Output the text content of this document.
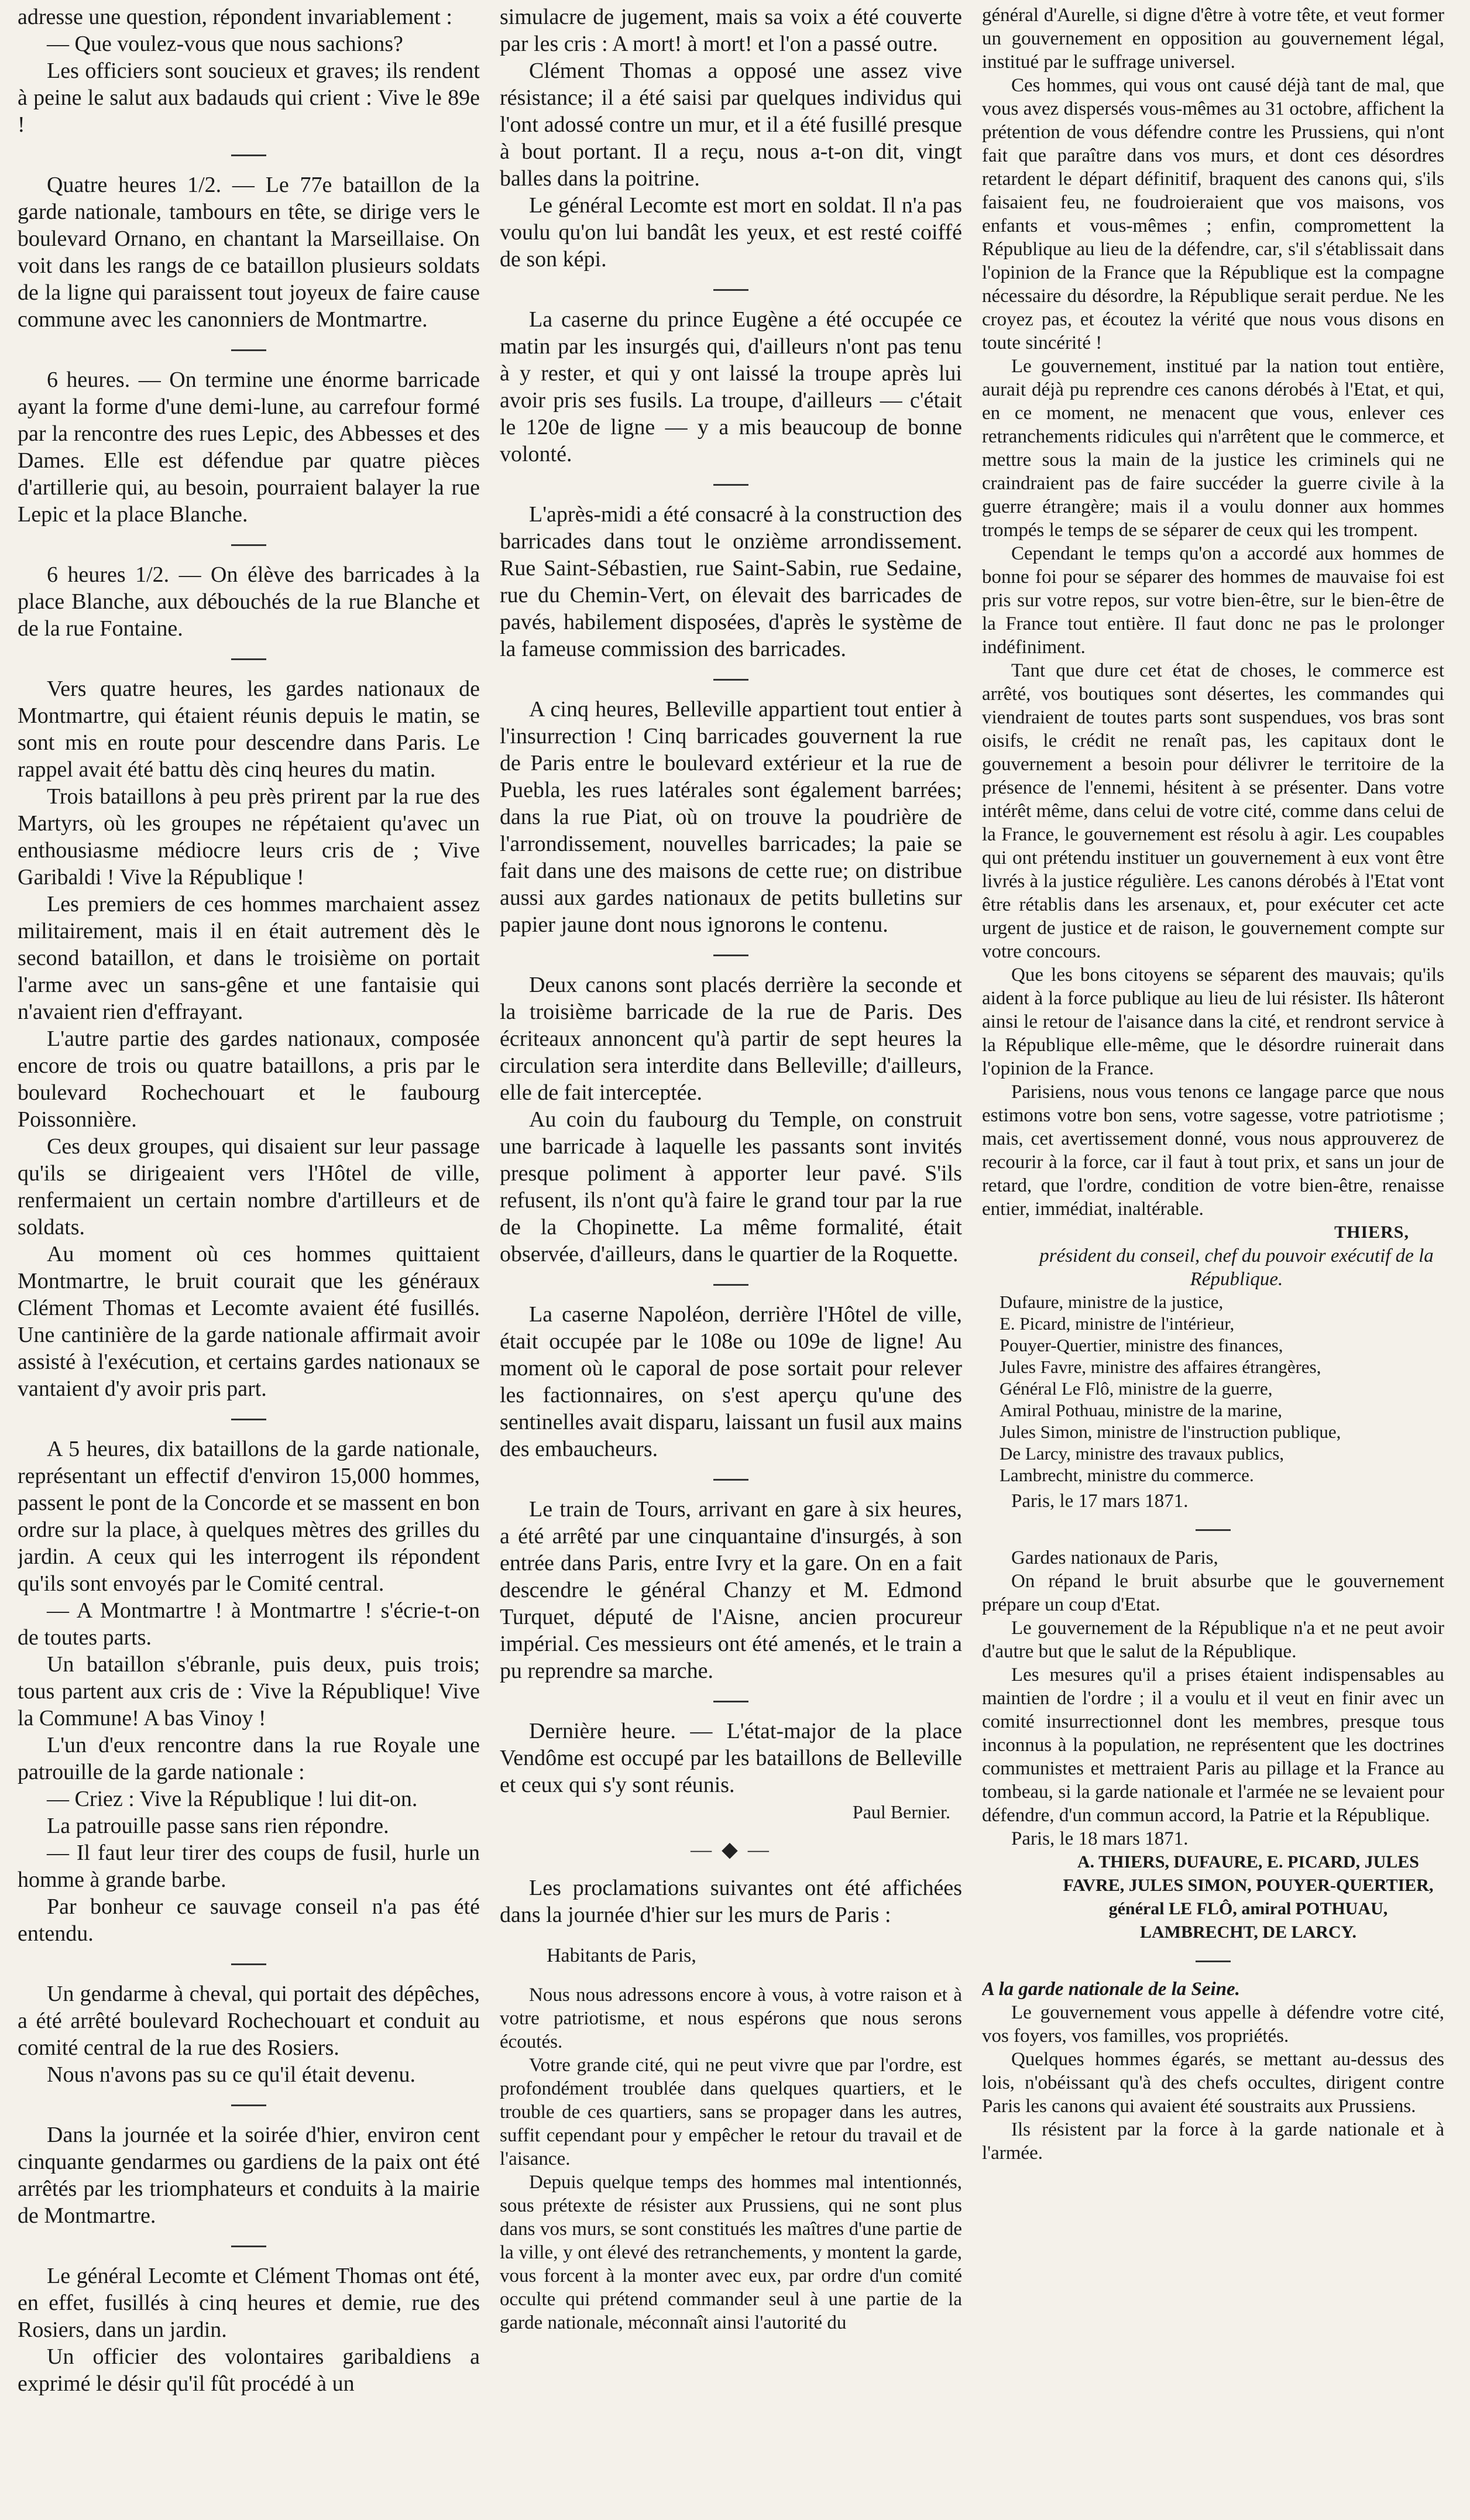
adresse une question, répondent invariablement :

— Que voulez-vous que nous sachions?

Les officiers sont soucieux et graves; ils rendent à peine le salut aux badauds qui crient : Vive le 89e !

Quatre heures 1/2. — Le 77e bataillon de la garde nationale, tambours en tête, se dirige vers le boulevard Ornano, en chantant la Marseillaise. On voit dans les rangs de ce bataillon plusieurs soldats de la ligne qui paraissent tout joyeux de faire cause commune avec les canonniers de Montmartre.

6 heures. — On termine une énorme barricade ayant la forme d'une demi-lune, au carrefour formé par la rencontre des rues Lepic, des Abbesses et des Dames. Elle est défendue par quatre pièces d'artillerie qui, au besoin, pourraient balayer la rue Lepic et la place Blanche.

6 heures 1/2. — On élève des barricades à la place Blanche, aux débouchés de la rue Blanche et de la rue Fontaine.

Vers quatre heures, les gardes nationaux de Montmartre, qui étaient réunis depuis le matin, se sont mis en route pour descendre dans Paris. Le rappel avait été battu dès cinq heures du matin.

Trois bataillons à peu près prirent par la rue des Martyrs, où les groupes ne répétaient qu'avec un enthousiasme médiocre leurs cris de ; Vive Garibaldi ! Vive la République !

Les premiers de ces hommes marchaient assez militairement, mais il en était autrement dès le second bataillon, et dans le troisième on portait l'arme avec un sans-gêne et une fantaisie qui n'avaient rien d'effrayant.

L'autre partie des gardes nationaux, composée encore de trois ou quatre bataillons, a pris par le boulevard Rochechouart et le faubourg Poissonnière.

Ces deux groupes, qui disaient sur leur passage qu'ils se dirigeaient vers l'Hôtel de ville, renfermaient un certain nombre d'artilleurs et de soldats.

Au moment où ces hommes quittaient Montmartre, le bruit courait que les généraux Clément Thomas et Lecomte avaient été fusillés. Une cantinière de la garde nationale affirmait avoir assisté à l'exécution, et certains gardes nationaux se vantaient d'y avoir pris part.

A 5 heures, dix bataillons de la garde nationale, représentant un effectif d'environ 15,000 hommes, passent le pont de la Concorde et se massent en bon ordre sur la place, à quelques mètres des grilles du jardin. A ceux qui les interrogent ils répondent qu'ils sont envoyés par le Comité central.

— A Montmartre ! à Montmartre ! s'écrie-t-on de toutes parts.

Un bataillon s'ébranle, puis deux, puis trois; tous partent aux cris de : Vive la République! Vive la Commune! A bas Vinoy !

L'un d'eux rencontre dans la rue Royale une patrouille de la garde nationale :

— Criez : Vive la République ! lui dit-on.

La patrouille passe sans rien répondre.

— Il faut leur tirer des coups de fusil, hurle un homme à grande barbe.

Par bonheur ce sauvage conseil n'a pas été entendu.

Un gendarme à cheval, qui portait des dépêches, a été arrêté boulevard Rochechouart et conduit au comité central de la rue des Rosiers.

Nous n'avons pas su ce qu'il était devenu.

Dans la journée et la soirée d'hier, environ cent cinquante gendarmes ou gardiens de la paix ont été arrêtés par les triomphateurs et conduits à la mairie de Montmartre.

Le général Lecomte et Clément Thomas ont été, en effet, fusillés à cinq heures et demie, rue des Rosiers, dans un jardin.

Un officier des volontaires garibaldiens a exprimé le désir qu'il fût procédé à un

simulacre de jugement, mais sa voix a été couverte par les cris : A mort! à mort! et l'on a passé outre.

Clément Thomas a opposé une assez vive résistance; il a été saisi par quelques individus qui l'ont adossé contre un mur, et il a été fusillé presque à bout portant. Il a reçu, nous a-t-on dit, vingt balles dans la poitrine.

Le général Lecomte est mort en soldat. Il n'a pas voulu qu'on lui bandât les yeux, et est resté coiffé de son képi.

La caserne du prince Eugène a été occupée ce matin par les insurgés qui, d'ailleurs n'ont pas tenu à y rester, et qui y ont laissé la troupe après lui avoir pris ses fusils. La troupe, d'ailleurs — c'était le 120e de ligne — y a mis beaucoup de bonne volonté.

L'après-midi a été consacré à la construction des barricades dans tout le onzième arrondissement. Rue Saint-Sébastien, rue Saint-Sabin, rue Sedaine, rue du Chemin-Vert, on élevait des barricades de pavés, habilement disposées, d'après le système de la fameuse commission des barricades.

A cinq heures, Belleville appartient tout entier à l'insurrection ! Cinq barricades gouvernent la rue de Paris entre le boulevard extérieur et la rue de Puebla, les rues latérales sont également barrées; dans la rue Piat, où on trouve la poudrière de l'arrondissement, nouvelles barricades; la paie se fait dans une des maisons de cette rue; on distribue aussi aux gardes nationaux de petits bulletins sur papier jaune dont nous ignorons le contenu.

Deux canons sont placés derrière la seconde et la troisième barricade de la rue de Paris. Des écriteaux annoncent qu'à partir de sept heures la circulation sera interdite dans Belleville; d'ailleurs, elle de fait interceptée.

Au coin du faubourg du Temple, on construit une barricade à laquelle les passants sont invités presque poliment à apporter leur pavé. S'ils refusent, ils n'ont qu'à faire le grand tour par la rue de la Chopinette. La même formalité, était observée, d'ailleurs, dans le quartier de la Roquette.

La caserne Napoléon, derrière l'Hôtel de ville, était occupée par le 108e ou 109e de ligne! Au moment où le caporal de pose sortait pour relever les factionnaires, on s'est aperçu qu'une des sentinelles avait disparu, laissant un fusil aux mains des embaucheurs.

Le train de Tours, arrivant en gare à six heures, a été arrêté par une cinquantaine d'insurgés, à son entrée dans Paris, entre Ivry et la gare. On en a fait descendre le général Chanzy et M. Edmond Turquet, député de l'Aisne, ancien procureur impérial. Ces messieurs ont été amenés, et le train a pu reprendre sa marche.

Dernière heure. — L'état-major de la place Vendôme est occupé par les bataillons de Belleville et ceux qui s'y sont réunis.

Paul Bernier.

— ◆ —

Les proclamations suivantes ont été affichées dans la journée d'hier sur les murs de Paris :

Habitants de Paris,

Nous nous adressons encore à vous, à votre raison et à votre patriotisme, et nous espérons que nous serons écoutés.

Votre grande cité, qui ne peut vivre que par l'ordre, est profondément troublée dans quelques quartiers, et le trouble de ces quartiers, sans se propager dans les autres, suffit cependant pour y empêcher le retour du travail et de l'aisance.

Depuis quelque temps des hommes mal intentionnés, sous prétexte de résister aux Prussiens, qui ne sont plus dans vos murs, se sont constitués les maîtres d'une partie de la ville, y ont élevé des retranchements, y montent la garde, vous forcent à la monter avec eux, par ordre d'un comité occulte qui prétend commander seul à une partie de la garde nationale, méconnaît ainsi l'autorité du

général d'Aurelle, si digne d'être à votre tête, et veut former un gouvernement en opposition au gouvernement légal, institué par le suffrage universel.

Ces hommes, qui vous ont causé déjà tant de mal, que vous avez dispersés vous-mêmes au 31 octobre, affichent la prétention de vous défendre contre les Prussiens, qui n'ont fait que paraître dans vos murs, et dont ces désordres retardent le départ définitif, braquent des canons qui, s'ils faisaient feu, ne foudroieraient que vos maisons, vos enfants et vous-mêmes ; enfin, compromettent la République au lieu de la défendre, car, s'il s'établissait dans l'opinion de la France que la République est la compagne nécessaire du désordre, la République serait perdue. Ne les croyez pas, et écoutez la vérité que nous vous disons en toute sincérité !

Le gouvernement, institué par la nation tout entière, aurait déjà pu reprendre ces canons dérobés à l'Etat, et qui, en ce moment, ne menacent que vous, enlever ces retranchements ridicules qui n'arrêtent que le commerce, et mettre sous la main de la justice les criminels qui ne craindraient pas de faire succéder la guerre civile à la guerre étrangère; mais il a voulu donner aux hommes trompés le temps de se séparer de ceux qui les trompent.

Cependant le temps qu'on a accordé aux hommes de bonne foi pour se séparer des hommes de mauvaise foi est pris sur votre repos, sur votre bien-être, sur le bien-être de la France tout entière. Il faut donc ne pas le prolonger indéfiniment.

Tant que dure cet état de choses, le commerce est arrêté, vos boutiques sont désertes, les commandes qui viendraient de toutes parts sont suspendues, vos bras sont oisifs, le crédit ne renaît pas, les capitaux dont le gouvernement a besoin pour délivrer le territoire de la présence de l'ennemi, hésitent à se présenter. Dans votre intérêt même, dans celui de votre cité, comme dans celui de la France, le gouvernement est résolu à agir. Les coupables qui ont prétendu instituer un gouvernement à eux vont être livrés à la justice régulière. Les canons dérobés à l'Etat vont être rétablis dans les arsenaux, et, pour exécuter cet acte urgent de justice et de raison, le gouvernement compte sur votre concours.

Que les bons citoyens se séparent des mauvais; qu'ils aident à la force publique au lieu de lui résister. Ils hâteront ainsi le retour de l'aisance dans la cité, et rendront service à la République elle-même, que le désordre ruinerait dans l'opinion de la France.

Parisiens, nous vous tenons ce langage parce que nous estimons votre bon sens, votre sagesse, votre patriotisme ; mais, cet avertissement donné, vous nous approuverez de recourir à la force, car il faut à tout prix, et sans un jour de retard, que l'ordre, condition de votre bien-être, renaisse entier, immédiat, inaltérable.

THIERS,

président du conseil, chef du pouvoir exécutif de la République.

Dufaure, ministre de la justice,
E. Picard, ministre de l'intérieur,
Pouyer-Quertier, ministre des finances,
Jules Favre, ministre des affaires étrangères,
Général Le Flô, ministre de la guerre,
Amiral Pothuau, ministre de la marine,
Jules Simon, ministre de l'instruction publique,
De Larcy, ministre des travaux publics,
Lambrecht, ministre du commerce.

Paris, le 17 mars 1871.

Gardes nationaux de Paris,

On répand le bruit absurbe que le gouvernement prépare un coup d'Etat.

Le gouvernement de la République n'a et ne peut avoir d'autre but que le salut de la République.

Les mesures qu'il a prises étaient indispensables au maintien de l'ordre ; il a voulu et il veut en finir avec un comité insurrectionnel dont les membres, presque tous inconnus à la population, ne représentent que les doctrines communistes et mettraient Paris au pillage et la France au tombeau, si la garde nationale et l'armée ne se levaient pour défendre, d'un commun accord, la Patrie et la République.

Paris, le 18 mars 1871.

A. THIERS, DUFAURE, E. PICARD, JULES FAVRE, JULES SIMON, POUYER-QUERTIER, général LE FLÔ, amiral POTHUAU, LAMBRECHT, DE LARCY.

A la garde nationale de la Seine.

Le gouvernement vous appelle à défendre votre cité, vos foyers, vos familles, vos propriétés.

Quelques hommes égarés, se mettant au-dessus des lois, n'obéissant qu'à des chefs occultes, dirigent contre Paris les canons qui avaient été soustraits aux Prussiens.

Ils résistent par la force à la garde nationale et à l'armée.
